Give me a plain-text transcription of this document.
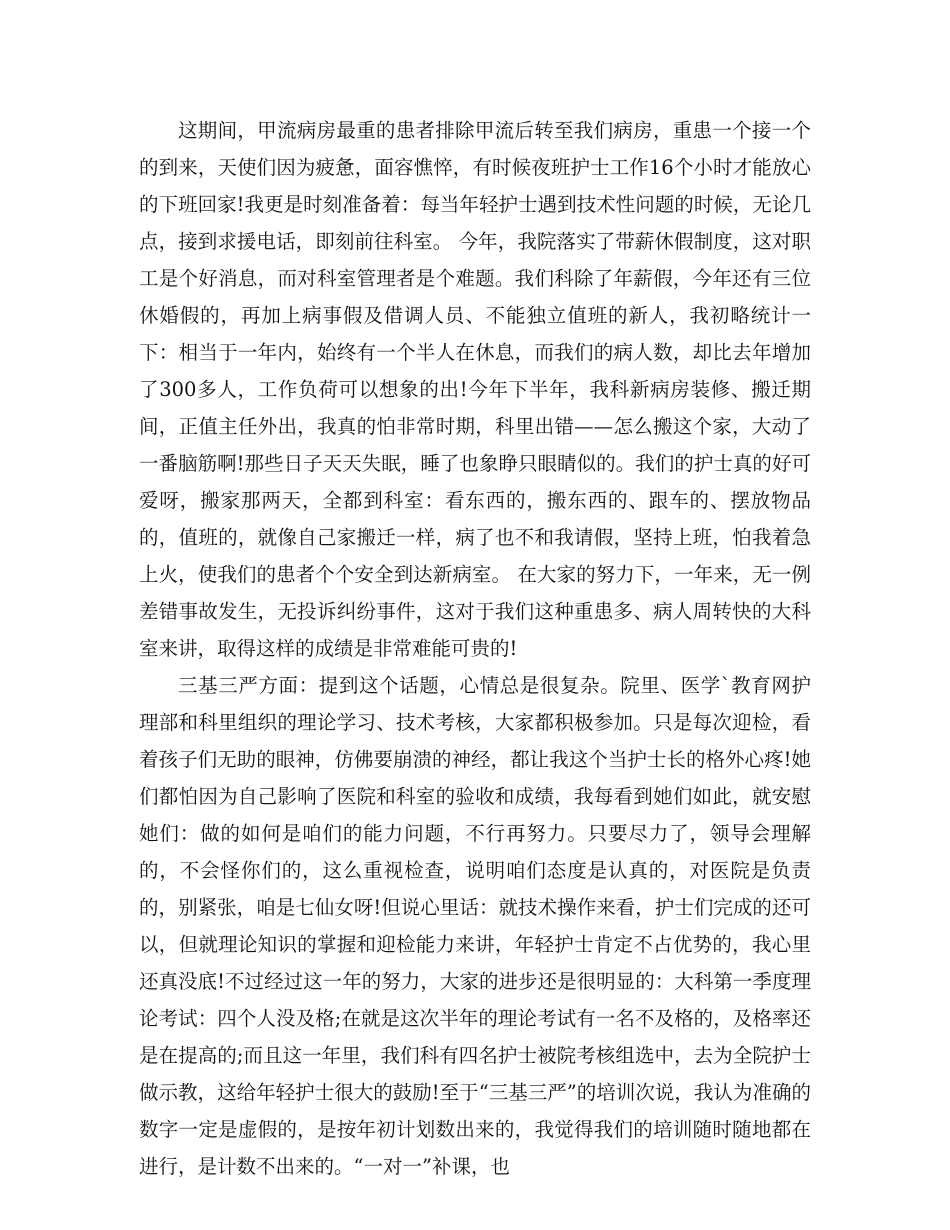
这期间，甲流病房最重的患者排除甲流后转至我们病房，重患一个接一个的到来，天使们因为疲惫，面容憔悴，有时候夜班护士工作16个小时才能放心的下班回家!我更是时刻准备着：每当年轻护士遇到技术性问题的时候，无论几点，接到求援电话，即刻前往科室。 今年，我院落实了带薪休假制度，这对职工是个好消息，而对科室管理者是个难题。我们科除了年薪假，今年还有三位休婚假的，再加上病事假及借调人员、不能独立值班的新人，我初略统计一下：相当于一年内，始终有一个半人在休息，而我们的病人数，却比去年增加了300多人，工作负荷可以想象的出!今年下半年，我科新病房装修、搬迁期间，正值主任外出，我真的怕非常时期，科里出错——怎么搬这个家，大动了一番脑筋啊!那些日子天天失眠，睡了也象睁只眼睛似的。我们的护士真的好可爱呀，搬家那两天，全都到科室：看东西的，搬东西的、跟车的、摆放物品的，值班的，就像自己家搬迁一样，病了也不和我请假，坚持上班，怕我着急上火，使我们的患者个个安全到达新病室。 在大家的努力下，一年来，无一例差错事故发生，无投诉纠纷事件，这对于我们这种重患多、病人周转快的大科室来讲，取得这样的成绩是非常难能可贵的!

三基三严方面：提到这个话题，心情总是很复杂。院里、医学`教育网护理部和科里组织的理论学习、技术考核，大家都积极参加。只是每次迎检，看着孩子们无助的眼神，仿佛要崩溃的神经，都让我这个当护士长的格外心疼!她们都怕因为自己影响了医院和科室的验收和成绩，我每看到她们如此，就安慰她们：做的如何是咱们的能力问题，不行再努力。只要尽力了，领导会理解的，不会怪你们的，这么重视检查，说明咱们态度是认真的，对医院是负责的，别紧张，咱是七仙女呀!但说心里话：就技术操作来看，护士们完成的还可以，但就理论知识的掌握和迎检能力来讲，年轻护士肯定不占优势的，我心里还真没底!不过经过这一年的努力，大家的进步还是很明显的：大科第一季度理论考试：四个人没及格;在就是这次半年的理论考试有一名不及格的，及格率还是在提高的;而且这一年里，我们科有四名护士被院考核组选中，去为全院护士做示教，这给年轻护士很大的鼓励!至于“三基三严”的培训次说，我认为准确的数字一定是虚假的，是按年初计划数出来的，我觉得我们的培训随时随地都在进行，是计数不出来的。“一对一”补课，也
